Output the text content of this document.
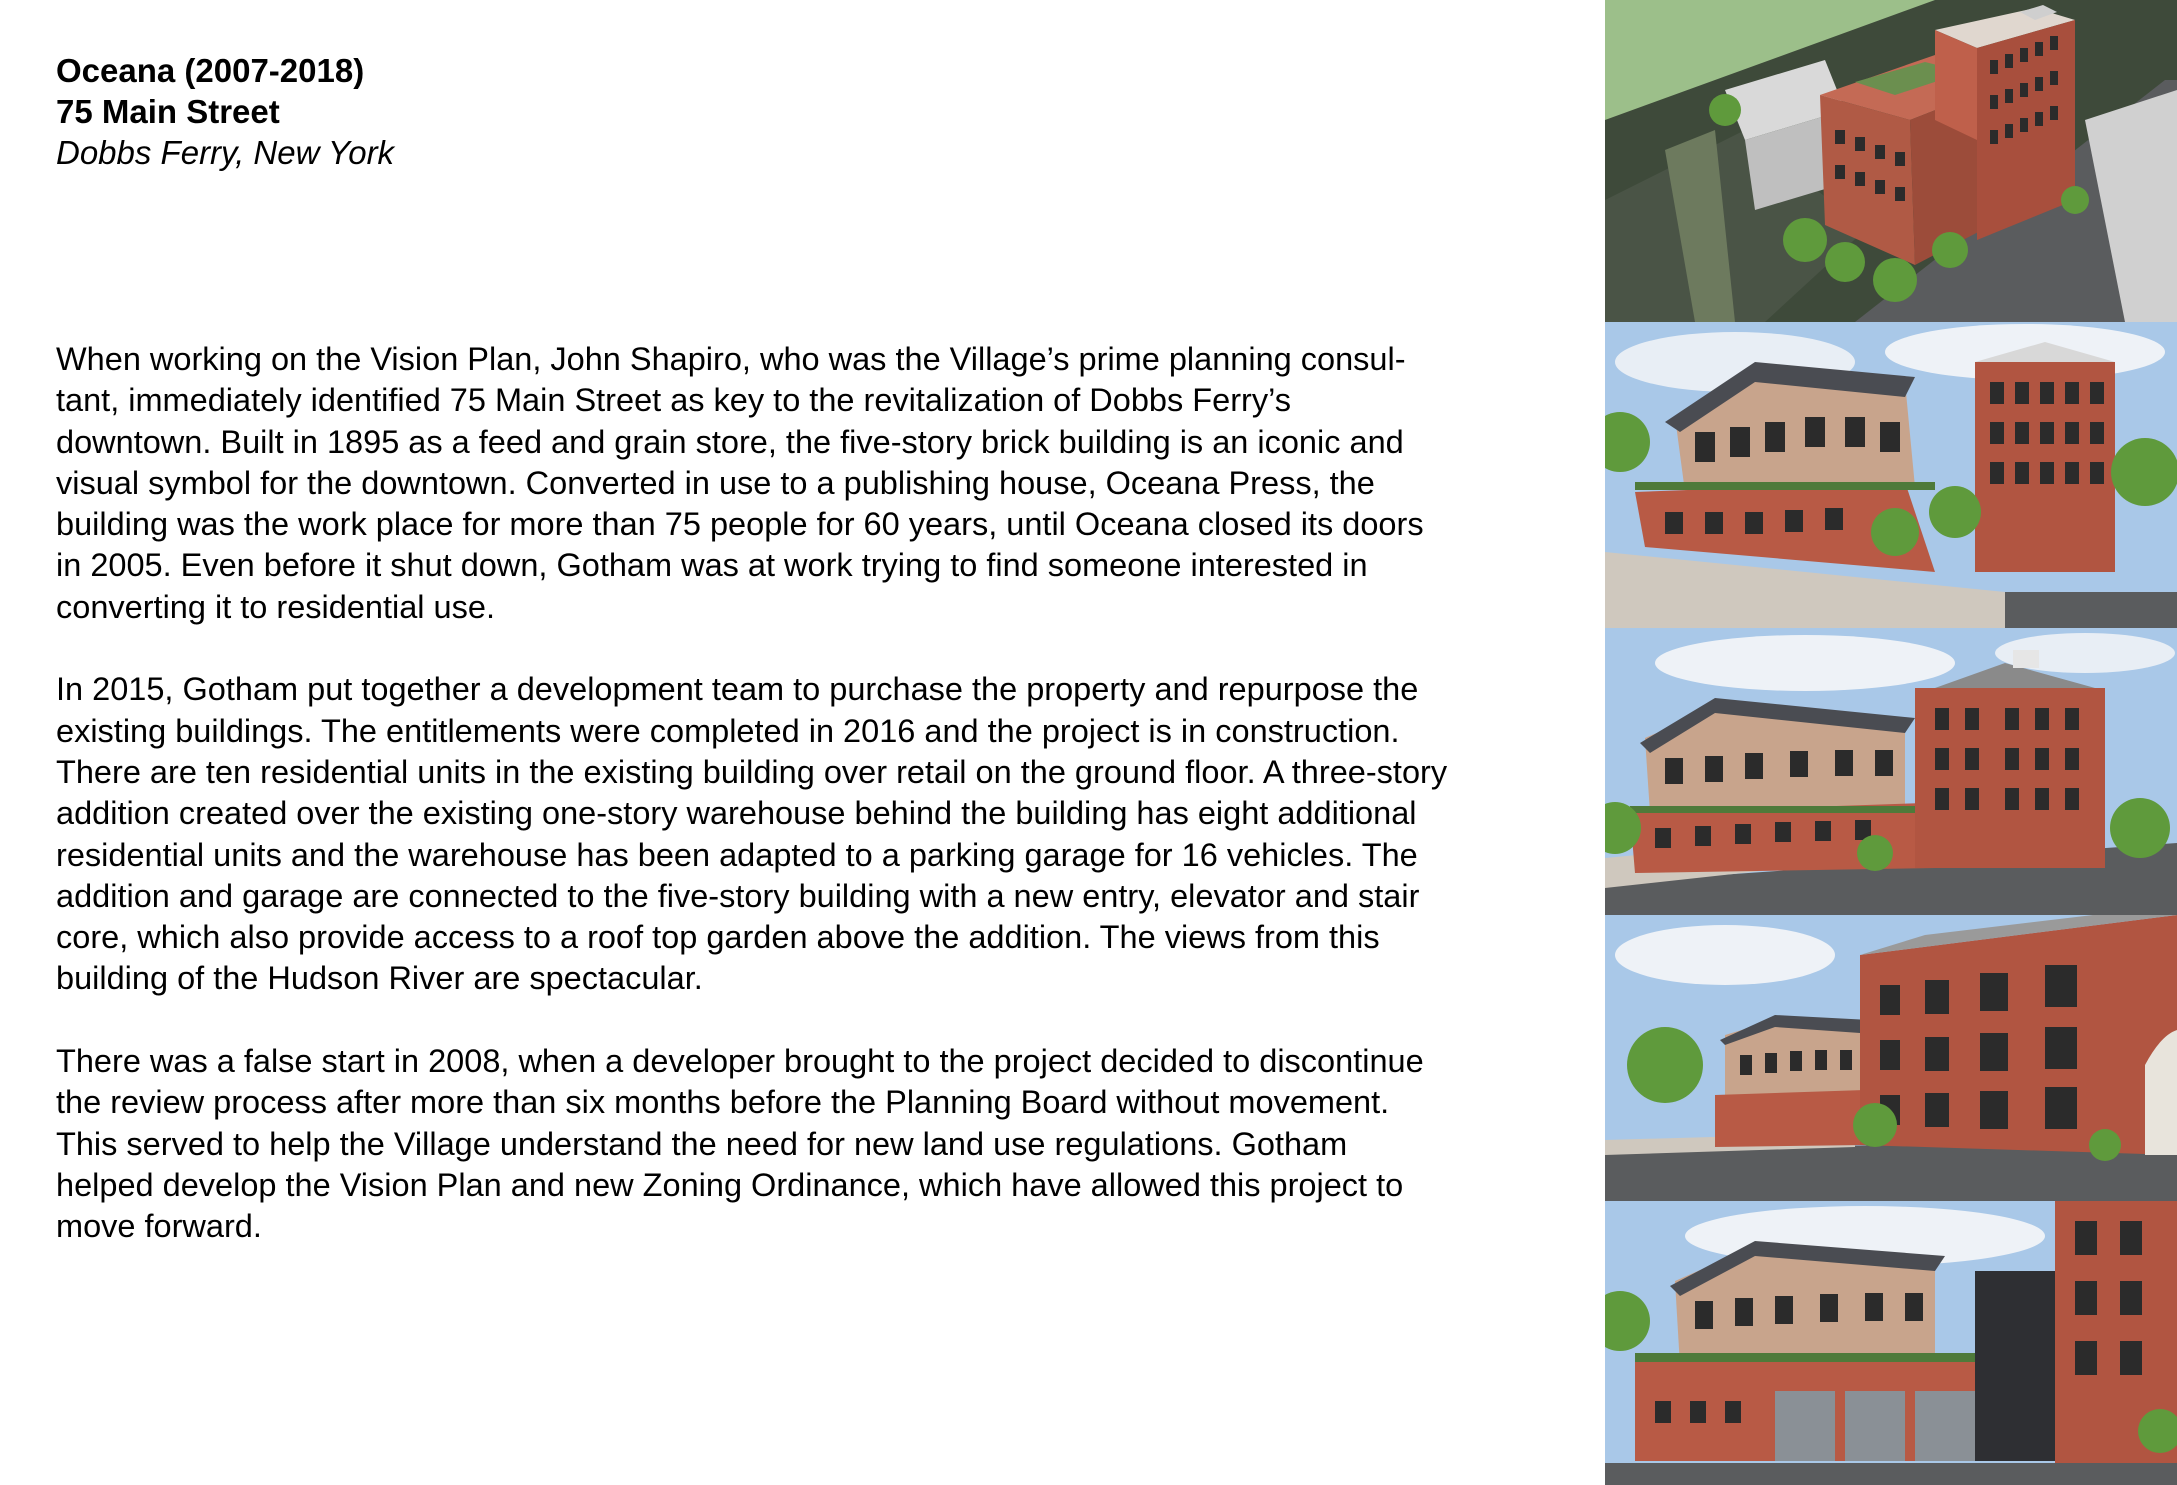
Oceana (2007-2018)
75 Main Street
Dobbs Ferry, New York

When working on the Vision Plan, John Shapiro, who was the Village’s prime planning consul-
tant, immediately identified 75 Main Street as key to the revitalization of Dobbs Ferry’s
downtown. Built in 1895 as a feed and grain store, the five-story brick building is an iconic and
visual symbol for the downtown. Converted in use to a publishing house, Oceana Press, the
building was the work place for more than 75 people for 60 years, until Oceana closed its doors
in 2005. Even before it shut down, Gotham was at work trying to find someone interested in
converting it to residential use.

In 2015, Gotham put together a development team to purchase the property and repurpose the
existing buildings. The entitlements were completed in 2016 and the project is in construction.
There are ten residential units in the existing building over retail on the ground floor. A three-story
addition created over the existing one-story warehouse behind the building has eight additional
residential units and the warehouse has been adapted to a parking garage for 16 vehicles. The
addition and garage are connected to the five-story building with a new entry, elevator and stair
core, which also provide access to a roof top garden above the addition. The views from this
building of the Hudson River are spectacular.

There was a false start in 2008, when a developer brought to the project decided to discontinue
the review process after more than six months before the Planning Board without movement.
This served to help the Village understand the need for new land use regulations. Gotham
helped develop the Vision Plan and new Zoning Ordinance, which have allowed this project to
move forward.
